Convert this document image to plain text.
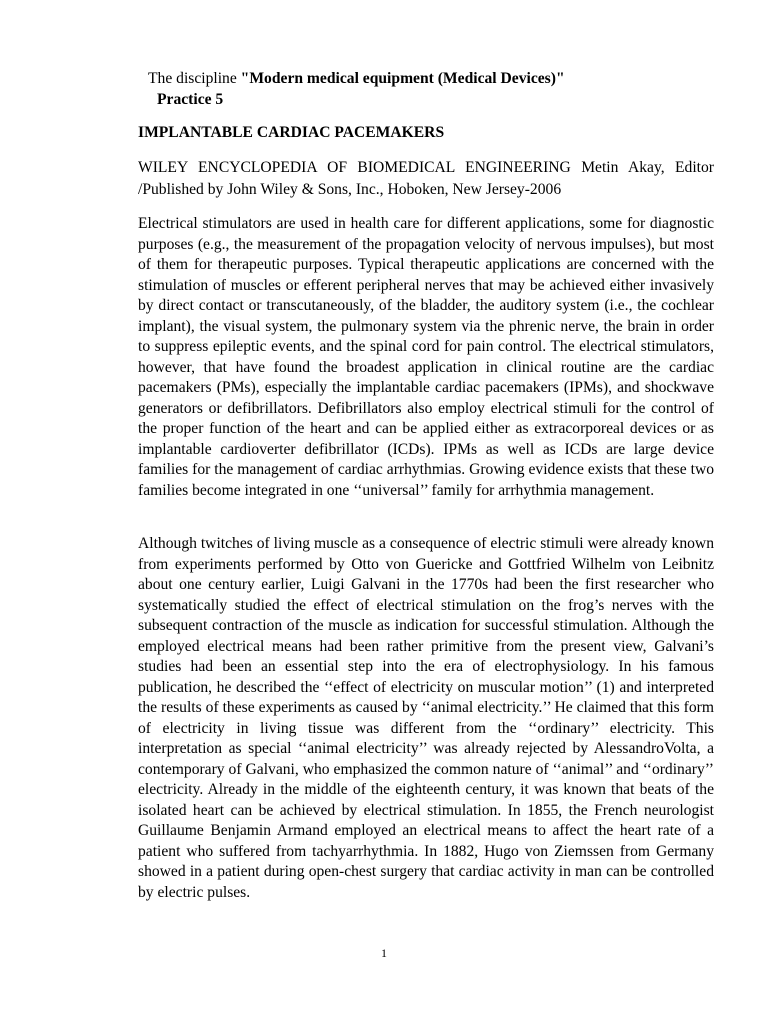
The discipline "Modern medical equipment (Medical Devices)"
Practice 5
IMPLANTABLE CARDIAC PACEMAKERS

WILEY ENCYCLOPEDIA OF BIOMEDICAL ENGINEERING Metin Akay, Editor /Published by John Wiley & Sons, Inc., Hoboken, New Jersey-2006

Electrical stimulators are used in health care for different applications, some for diagnostic purposes (e.g., the measurement of the propagation velocity of nervous impulses), but most of them for therapeutic purposes. Typical therapeutic applications are concerned with the stimulation of muscles or efferent peripheral nerves that may be achieved either invasively by direct contact or transcutaneously, of the bladder, the auditory system (i.e., the cochlear implant), the visual system, the pulmonary system via the phrenic nerve, the brain in order to suppress epileptic events, and the spinal cord for pain control. The electrical stimulators, however, that have found the broadest application in clinical routine are the cardiac pacemakers (PMs), especially the implantable cardiac pacemakers (IPMs), and shockwave generators or defibrillators. Defibrillators also employ electrical stimuli for the control of the proper function of the heart and can be applied either as extracorporeal devices or as implantable cardioverter defibrillator (ICDs). IPMs as well as ICDs are large device families for the management of cardiac arrhythmias. Growing evidence exists that these two families become integrated in one ‘‘universal’’ family for arrhythmia management.

Although twitches of living muscle as a consequence of electric stimuli were already known from experiments performed by Otto von Guericke and Gottfried Wilhelm von Leibnitz about one century earlier, Luigi Galvani in the 1770s had been the first researcher who systematically studied the effect of electrical stimulation on the frog’s nerves with the subsequent contraction of the muscle as indication for successful stimulation. Although the employed electrical means had been rather primitive from the present view, Galvani’s studies had been an essential step into the era of electrophysiology. In his famous publication, he described the ‘‘effect of electricity on muscular motion’’ (1) and interpreted the results of these experiments as caused by ‘‘animal electricity.’’ He claimed that this form of electricity in living tissue was different from the ‘‘ordinary’’ electricity. This interpretation as special ‘‘animal electricity’’ was already rejected by AlessandroVolta, a contemporary of Galvani, who emphasized the common nature of ‘‘animal’’ and ‘‘ordinary’’ electricity. Already in the middle of the eighteenth century, it was known that beats of the isolated heart can be achieved by electrical stimulation. In 1855, the French neurologist Guillaume Benjamin Armand employed an electrical means to affect the heart rate of a patient who suffered from tachyarrhythmia. In 1882, Hugo von Ziemssen from Germany showed in a patient during open-chest surgery that cardiac activity in man can be controlled by electric pulses.

1
